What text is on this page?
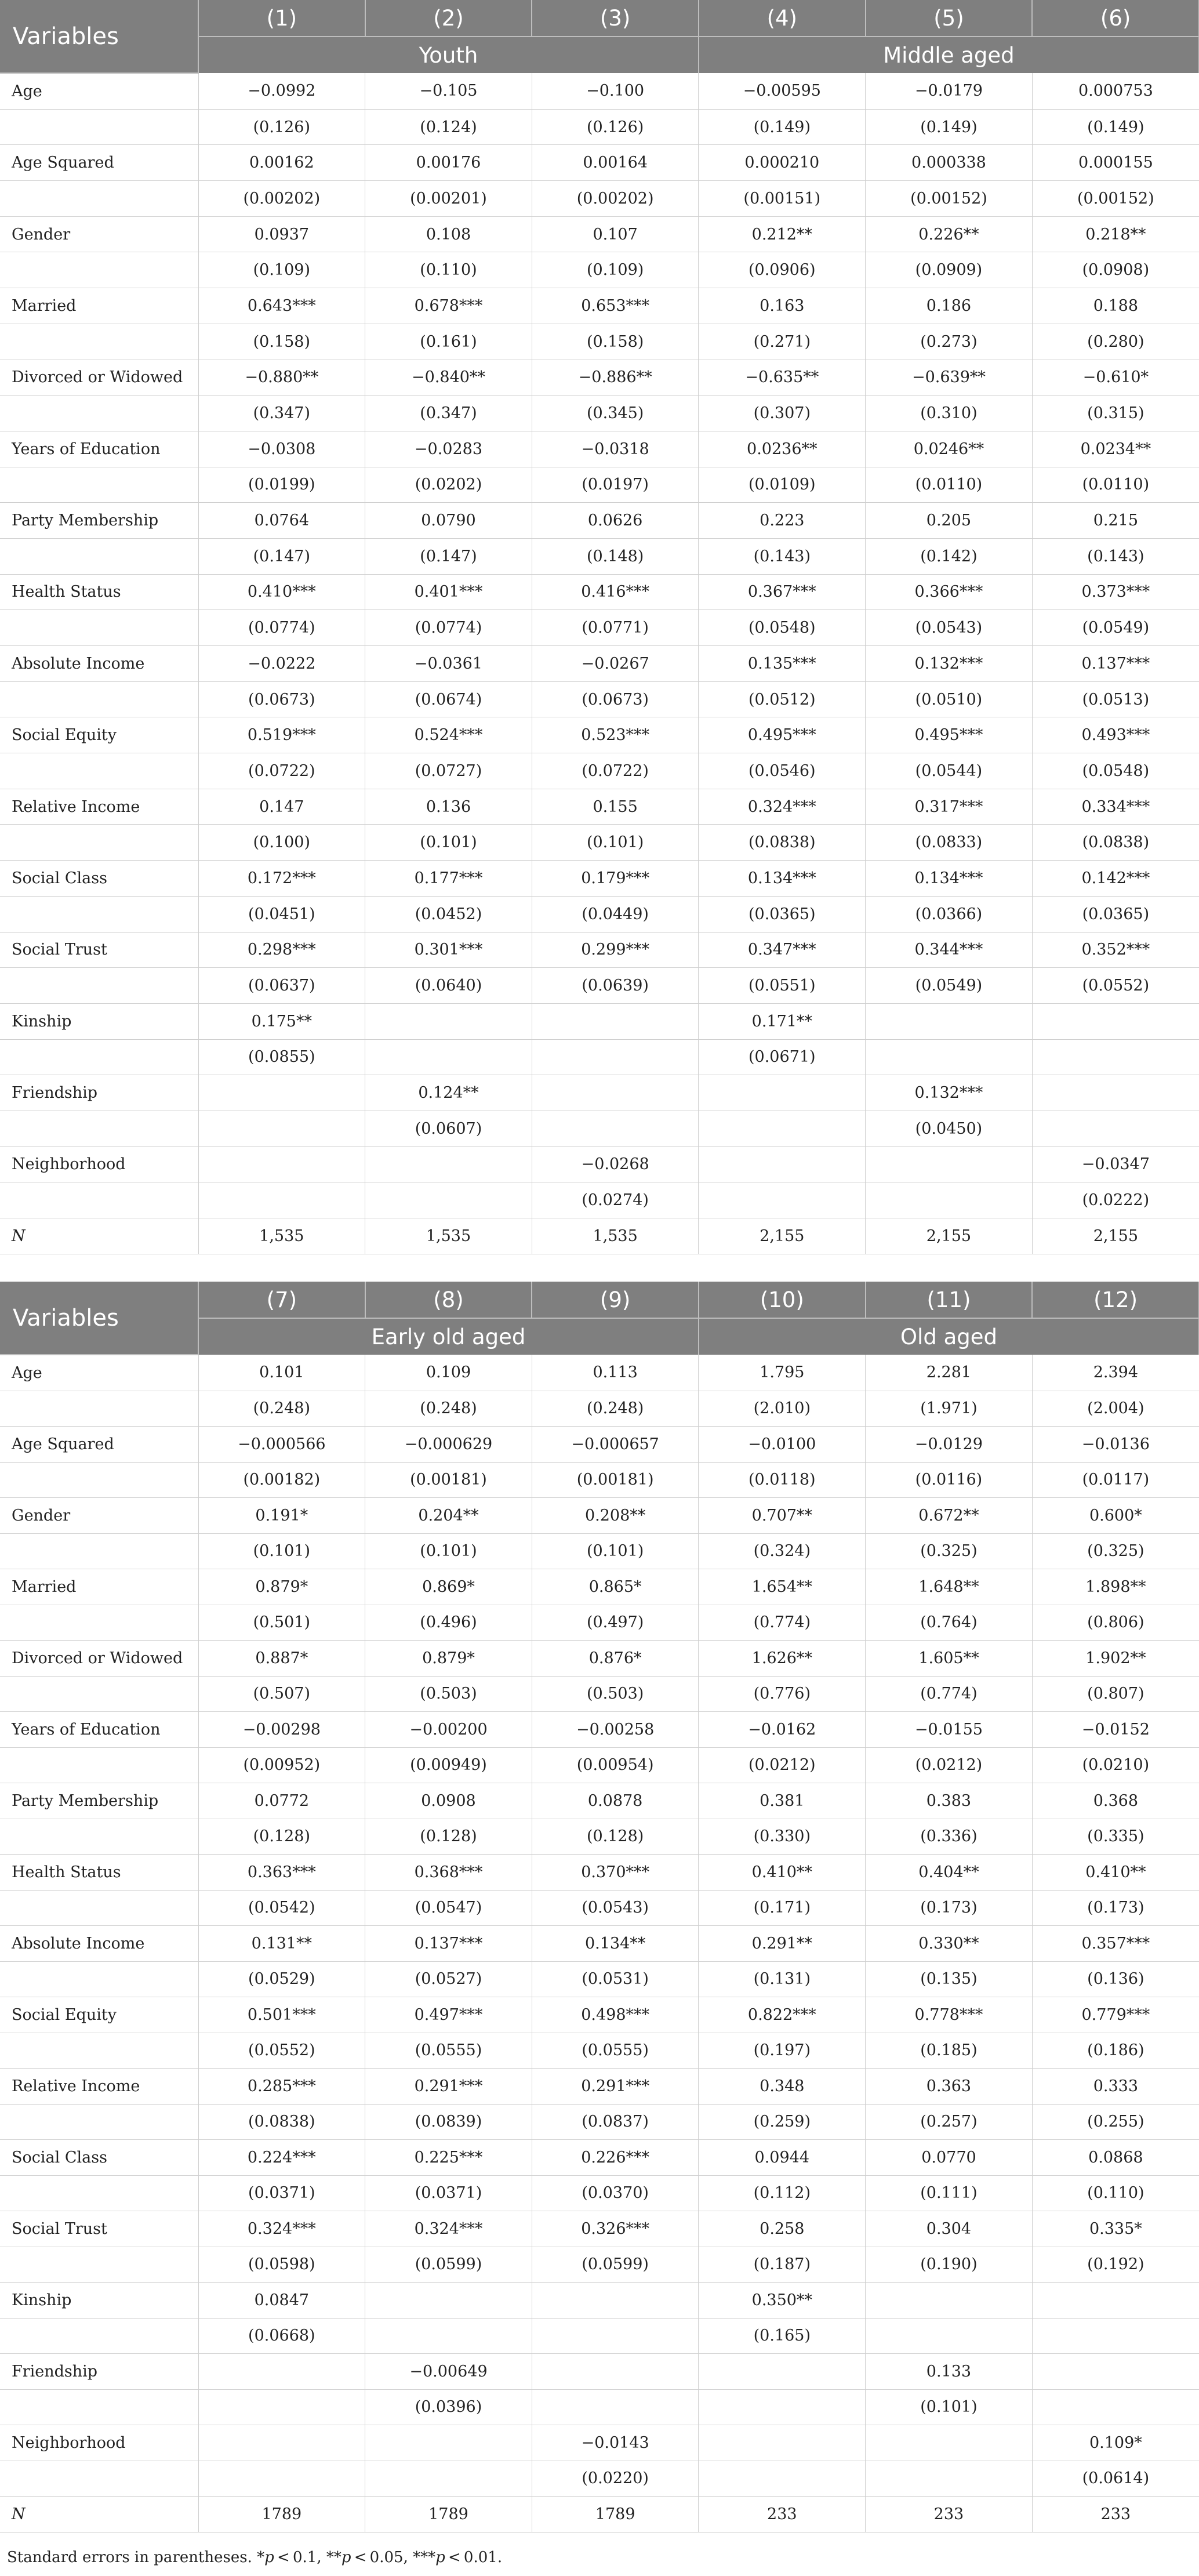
Variables	(1)	(2)	(3)	(4)	(5)	(6)
	Youth			Middle aged		
Age	−0.0992	−0.105	−0.100	−0.00595	−0.0179	0.000753
	(0.126)	(0.124)	(0.126)	(0.149)	(0.149)	(0.149)
Age Squared	0.00162	0.00176	0.00164	0.000210	0.000338	0.000155
	(0.00202)	(0.00201)	(0.00202)	(0.00151)	(0.00152)	(0.00152)
Gender	0.0937	0.108	0.107	0.212**	0.226**	0.218**
	(0.109)	(0.110)	(0.109)	(0.0906)	(0.0909)	(0.0908)
Married	0.643***	0.678***	0.653***	0.163	0.186	0.188
	(0.158)	(0.161)	(0.158)	(0.271)	(0.273)	(0.280)
Divorced or Widowed	−0.880**	−0.840**	−0.886**	−0.635**	−0.639**	−0.610*
	(0.347)	(0.347)	(0.345)	(0.307)	(0.310)	(0.315)
Years of Education	−0.0308	−0.0283	−0.0318	0.0236**	0.0246**	0.0234**
	(0.0199)	(0.0202)	(0.0197)	(0.0109)	(0.0110)	(0.0110)
Party Membership	0.0764	0.0790	0.0626	0.223	0.205	0.215
	(0.147)	(0.147)	(0.148)	(0.143)	(0.142)	(0.143)
Health Status	0.410***	0.401***	0.416***	0.367***	0.366***	0.373***
	(0.0774)	(0.0774)	(0.0771)	(0.0548)	(0.0543)	(0.0549)
Absolute Income	−0.0222	−0.0361	−0.0267	0.135***	0.132***	0.137***
	(0.0673)	(0.0674)	(0.0673)	(0.0512)	(0.0510)	(0.0513)
Social Equity	0.519***	0.524***	0.523***	0.495***	0.495***	0.493***
	(0.0722)	(0.0727)	(0.0722)	(0.0546)	(0.0544)	(0.0548)
Relative Income	0.147	0.136	0.155	0.324***	0.317***	0.334***
	(0.100)	(0.101)	(0.101)	(0.0838)	(0.0833)	(0.0838)
Social Class	0.172***	0.177***	0.179***	0.134***	0.134***	0.142***
	(0.0451)	(0.0452)	(0.0449)	(0.0365)	(0.0366)	(0.0365)
Social Trust	0.298***	0.301***	0.299***	0.347***	0.344***	0.352***
	(0.0637)	(0.0640)	(0.0639)	(0.0551)	(0.0549)	(0.0552)
Kinship	0.175**			0.171**		
	(0.0855)			(0.0671)		
Friendship		0.124**			0.132***	
		(0.0607)			(0.0450)	
Neighborhood			−0.0268			−0.0347
			(0.0274)			(0.0222)
N	1,535	1,535	1,535	2,155	2,155	2,155
Variables	(7)	(8)	(9)	(10)	(11)	(12)
	Early old aged			Old aged		
Age	0.101	0.109	0.113	1.795	2.281	2.394
	(0.248)	(0.248)	(0.248)	(2.010)	(1.971)	(2.004)
Age Squared	−0.000566	−0.000629	−0.000657	−0.0100	−0.0129	−0.0136
	(0.00182)	(0.00181)	(0.00181)	(0.0118)	(0.0116)	(0.0117)
Gender	0.191*	0.204**	0.208**	0.707**	0.672**	0.600*
	(0.101)	(0.101)	(0.101)	(0.324)	(0.325)	(0.325)
Married	0.879*	0.869*	0.865*	1.654**	1.648**	1.898**
	(0.501)	(0.496)	(0.497)	(0.774)	(0.764)	(0.806)
Divorced or Widowed	0.887*	0.879*	0.876*	1.626**	1.605**	1.902**
	(0.507)	(0.503)	(0.503)	(0.776)	(0.774)	(0.807)
Years of Education	−0.00298	−0.00200	−0.00258	−0.0162	−0.0155	−0.0152
	(0.00952)	(0.00949)	(0.00954)	(0.0212)	(0.0212)	(0.0210)
Party Membership	0.0772	0.0908	0.0878	0.381	0.383	0.368
	(0.128)	(0.128)	(0.128)	(0.330)	(0.336)	(0.335)
Health Status	0.363***	0.368***	0.370***	0.410**	0.404**	0.410**
	(0.0542)	(0.0547)	(0.0543)	(0.171)	(0.173)	(0.173)
Absolute Income	0.131**	0.137***	0.134**	0.291**	0.330**	0.357***
	(0.0529)	(0.0527)	(0.0531)	(0.131)	(0.135)	(0.136)
Social Equity	0.501***	0.497***	0.498***	0.822***	0.778***	0.779***
	(0.0552)	(0.0555)	(0.0555)	(0.197)	(0.185)	(0.186)
Relative Income	0.285***	0.291***	0.291***	0.348	0.363	0.333
	(0.0838)	(0.0839)	(0.0837)	(0.259)	(0.257)	(0.255)
Social Class	0.224***	0.225***	0.226***	0.0944	0.0770	0.0868
	(0.0371)	(0.0371)	(0.0370)	(0.112)	(0.111)	(0.110)
Social Trust	0.324***	0.324***	0.326***	0.258	0.304	0.335*
	(0.0598)	(0.0599)	(0.0599)	(0.187)	(0.190)	(0.192)
Kinship	0.0847			0.350**		
	(0.0668)			(0.165)		
Friendship		−0.00649			0.133	
		(0.0396)			(0.101)	
Neighborhood			−0.0143			0.109*
			(0.0220)			(0.0614)
N	1789	1789	1789	233	233	233
Standard errors in parentheses. *p < 0.1, **p < 0.05, ***p < 0.01.
